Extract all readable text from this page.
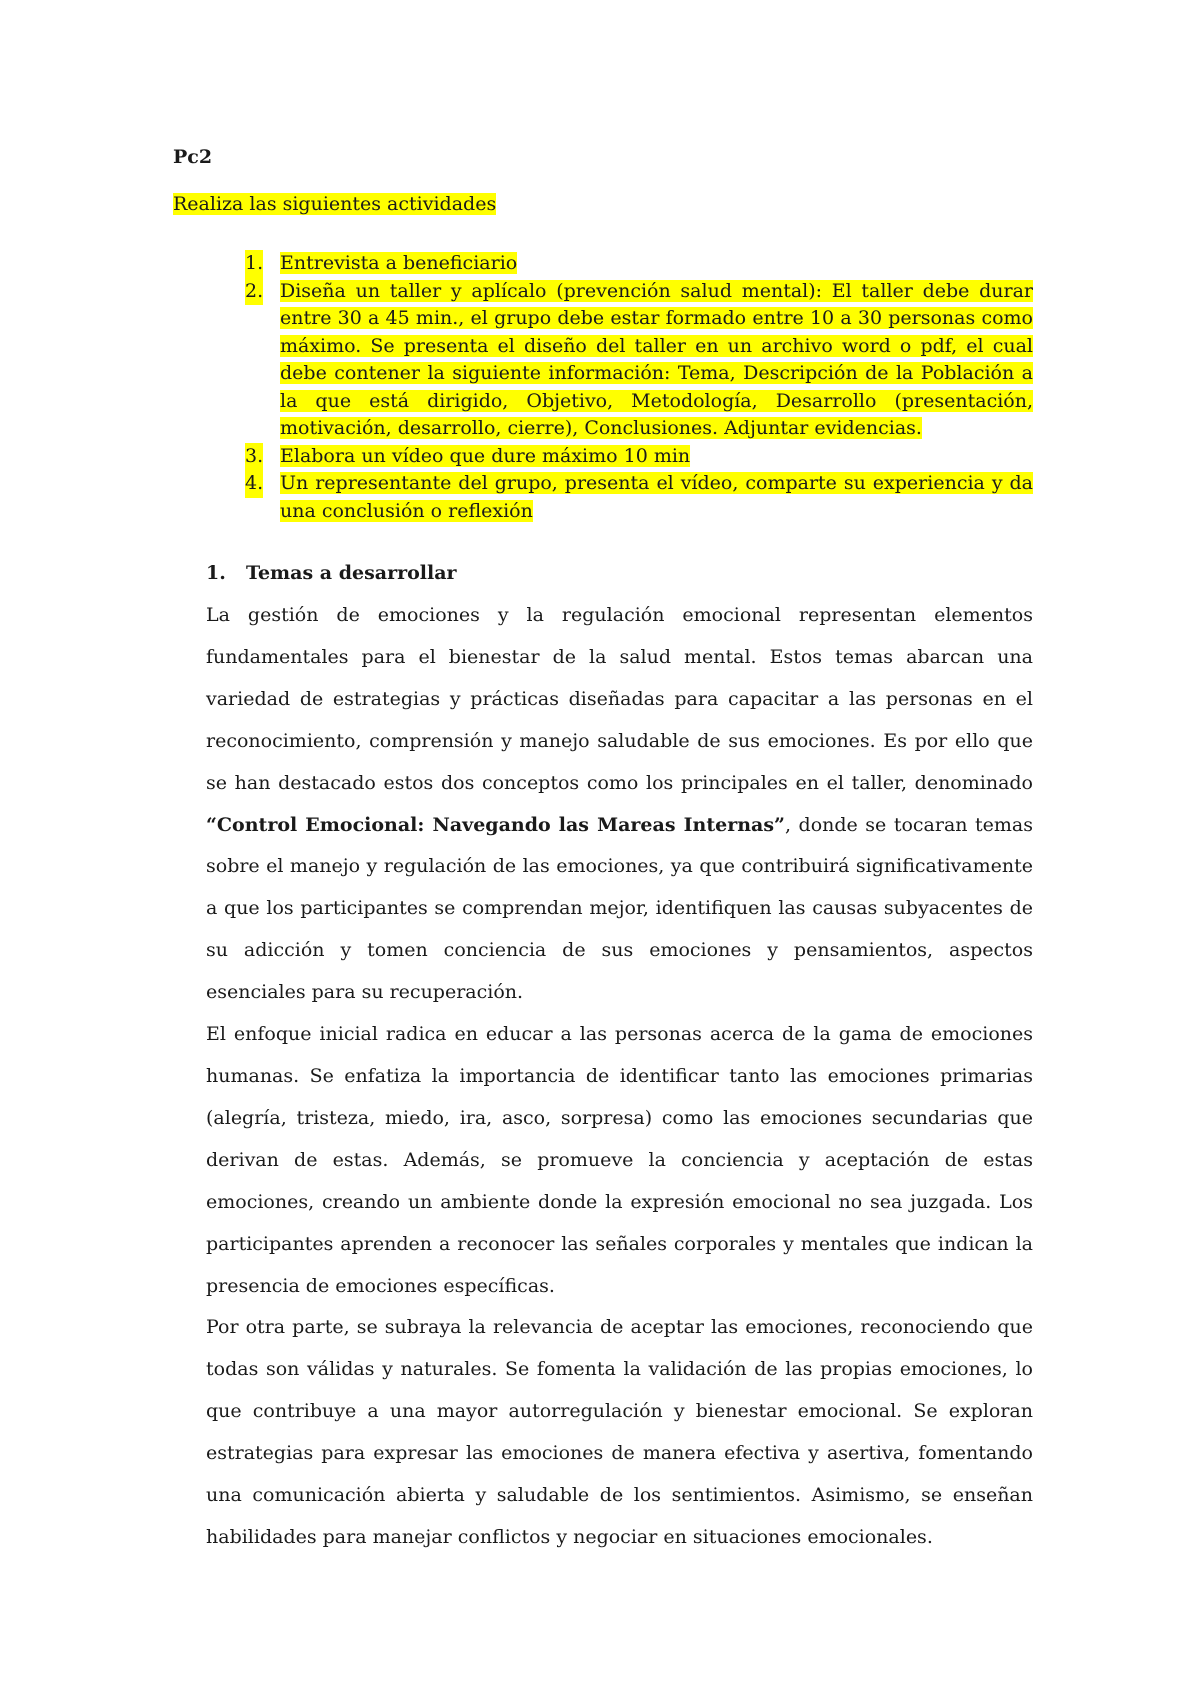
Pc2

Realiza las siguientes actividades

1. Entrevista a beneficiario
2. Diseña un taller y aplícalo (prevención salud mental): El taller debe durar entre 30 a 45 min., el grupo debe estar formado entre 10 a 30 personas como máximo. Se presenta el diseño del taller en un archivo word o pdf, el cual debe contener la siguiente información: Tema, Descripción de la Población a la que está dirigido, Objetivo, Metodología, Desarrollo (presentación, motivación, desarrollo, cierre), Conclusiones. Adjuntar evidencias.
3. Elabora un vídeo que dure máximo 10 min
4. Un representante del grupo, presenta el vídeo, comparte su experiencia y da una conclusión o reflexión
1. Temas a desarrollar

La gestión de emociones y la regulación emocional representan elementos fundamentales para el bienestar de la salud mental. Estos temas abarcan una variedad de estrategias y prácticas diseñadas para capacitar a las personas en el reconocimiento, comprensión y manejo saludable de sus emociones. Es por ello que se han destacado estos dos conceptos como los principales en el taller, denominado “Control Emocional: Navegando las Mareas Internas”, donde se tocaran temas sobre el manejo y regulación de las emociones, ya que contribuirá significativamente a que los participantes se comprendan mejor, identifiquen las causas subyacentes de su adicción y tomen conciencia de sus emociones y pensamientos, aspectos esenciales para su recuperación.

El enfoque inicial radica en educar a las personas acerca de la gama de emociones humanas. Se enfatiza la importancia de identificar tanto las emociones primarias (alegría, tristeza, miedo, ira, asco, sorpresa) como las emociones secundarias que derivan de estas. Además, se promueve la conciencia y aceptación de estas emociones, creando un ambiente donde la expresión emocional no sea juzgada. Los participantes aprenden a reconocer las señales corporales y mentales que indican la presencia de emociones específicas.

Por otra parte, se subraya la relevancia de aceptar las emociones, reconociendo que todas son válidas y naturales. Se fomenta la validación de las propias emociones, lo que contribuye a una mayor autorregulación y bienestar emocional. Se exploran estrategias para expresar las emociones de manera efectiva y asertiva, fomentando una comunicación abierta y saludable de los sentimientos. Asimismo, se enseñan habilidades para manejar conflictos y negociar en situaciones emocionales.
